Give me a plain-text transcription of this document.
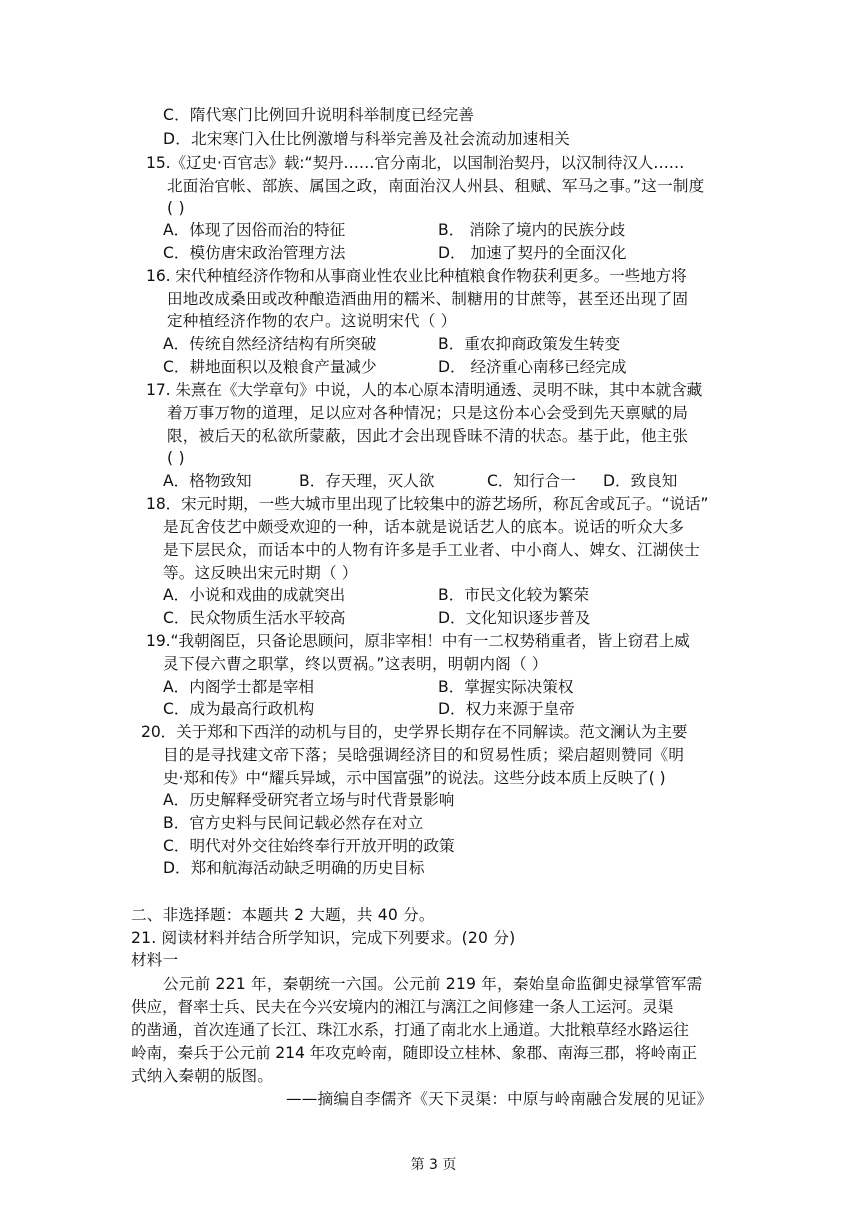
C．隋代寒门比例回升说明科举制度已经完善
D．北宋寒门入仕比例激增与科举完善及社会流动加速相关
15.《辽史·百官志》载:“契丹……官分南北，以国制治契丹，以汉制待汉人……
北面治官帐、部族、属国之政，南面治汉人州县、租赋、军马之事。”这一制度
( )
A．体现了因俗而治的特征	B． 消除了境内的民族分歧
C．模仿唐宋政治管理方法	D． 加速了契丹的全面汉化
16. 宋代种植经济作物和从事商业性农业比种植粮食作物获利更多。一些地方将
田地改成桑田或改种酿造酒曲用的糯米、制糖用的甘蔗等，甚至还出现了固
定种植经济作物的农户。这说明宋代（ ）
A．传统自然经济结构有所突破	B．重农抑商政策发生转变
C．耕地面积以及粮食产量减少	D． 经济重心南移已经完成
17. 朱熹在《大学章句》中说，人的本心原本清明通透、灵明不昧，其中本就含藏
着万事万物的道理，足以应对各种情况；只是这份本心会受到先天禀赋的局
限，被后天的私欲所蒙蔽，因此才会出现昏昧不清的状态。基于此，他主张
( )
A．格物致知	B．存天理，灭人欲	C．知行合一 D．致良知
18．宋元时期，一些大城市里出现了比较集中的游艺场所，称瓦舍或瓦子。“说话”
是瓦舍伎艺中颇受欢迎的一种，话本就是说话艺人的底本。说话的听众大多
是下层民众，而话本中的人物有许多是手工业者、中小商人、婢女、江湖侠士
等。这反映出宋元时期（ ）
A．小说和戏曲的成就突出	B．市民文化较为繁荣
C．民众物质生活水平较高	D．文化知识逐步普及
19.“我朝阁臣，只备论思顾问，原非宰相！中有一二权势稍重者，皆上窃君上威
灵下侵六曹之职掌，终以贾祸。”这表明，明朝内阁（ ）
A．内阁学士都是宰相	B．掌握实际决策权
C．成为最高行政机构	D．权力来源于皇帝
20．关于郑和下西洋的动机与目的，史学界长期存在不同解读。范文澜认为主要
目的是寻找建文帝下落；吴晗强调经济目的和贸易性质；梁启超则赞同《明
史·郑和传》中“耀兵异域，示中国富强”的说法。这些分歧本质上反映了( )
A．历史解释受研究者立场与时代背景影响
B．官方史料与民间记载必然存在对立
C．明代对外交往始终奉行开放开明的政策
D．郑和航海活动缺乏明确的历史目标
二、非选择题：本题共 2 大题，共 40 分。
21. 阅读材料并结合所学知识，完成下列要求。(20 分)
材料一
公元前 221 年，秦朝统一六国。公元前 219 年，秦始皇命监御史禄掌管军需
供应，督率士兵、民夫在今兴安境内的湘江与漓江之间修建一条人工运河。灵渠
的凿通，首次连通了长江、珠江水系，打通了南北水上通道。大批粮草经水路运往
岭南，秦兵于公元前 214 年攻克岭南，随即设立桂林、象郡、南海三郡，将岭南正
式纳入秦朝的版图。
——摘编自李儒齐《天下灵渠：中原与岭南融合发展的见证》
第 3 页
